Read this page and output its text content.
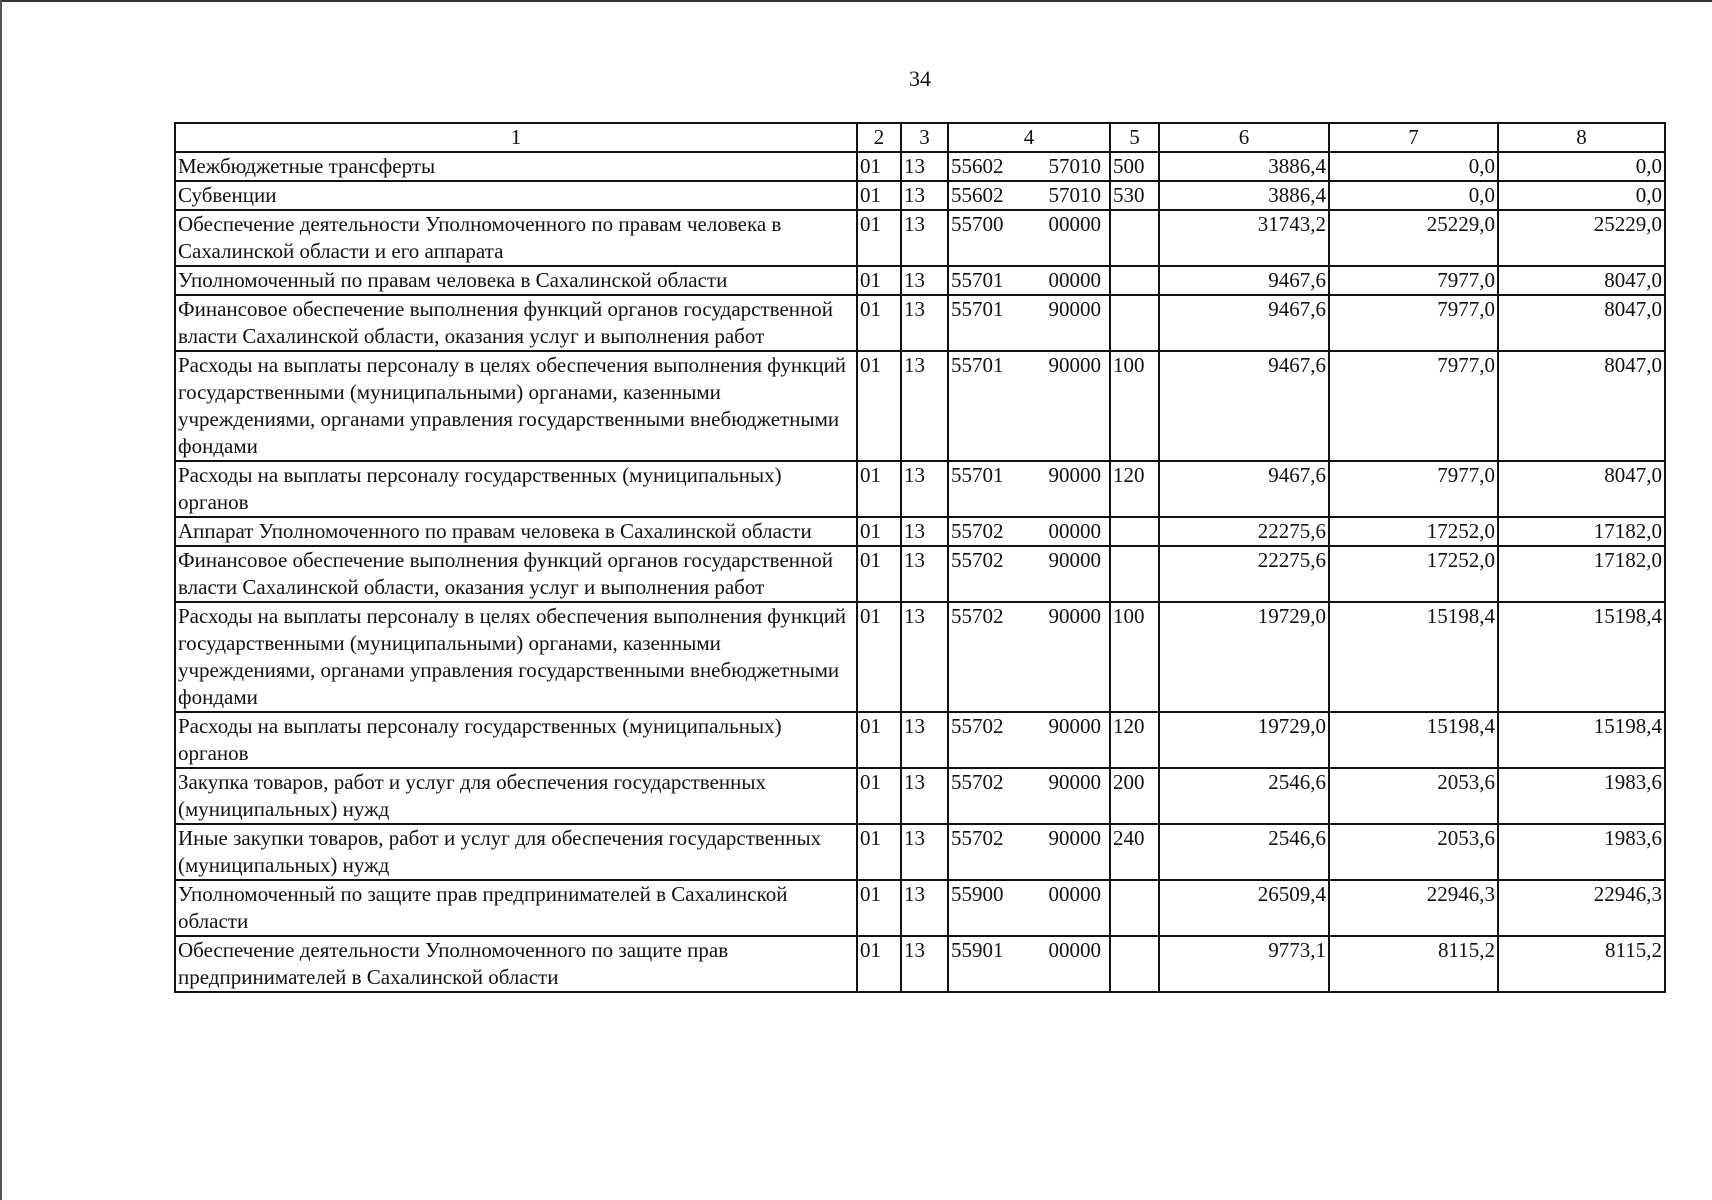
34
1	2	3	4	5	6	7	8
Межбюджетные трансферты	01	13	55602 57010	500	3886,4	0,0	0,0
Субвенции	01	13	55602 57010	530	3886,4	0,0	0,0
Обеспечение деятельности Уполномоченного по правам человека в Сахалинской области и его аппарата	01	13	55700 00000		31743,2	25229,0	25229,0
Уполномоченный по правам человека в Сахалинской области	01	13	55701 00000		9467,6	7977,0	8047,0
Финансовое обеспечение выполнения функций органов государственной власти Сахалинской области, оказания услуг и выполнения работ	01	13	55701 90000		9467,6	7977,0	8047,0
Расходы на выплаты персоналу в целях обеспечения выполнения функций государственными (муниципальными) органами, казенными учреждениями, органами управления государственными внебюджетными фондами	01	13	55701 90000	100	9467,6	7977,0	8047,0
Расходы на выплаты персоналу государственных (муниципальных) органов	01	13	55701 90000	120	9467,6	7977,0	8047,0
Аппарат Уполномоченного по правам человека в Сахалинской области	01	13	55702 00000		22275,6	17252,0	17182,0
Финансовое обеспечение выполнения функций органов государственной власти Сахалинской области, оказания услуг и выполнения работ	01	13	55702 90000		22275,6	17252,0	17182,0
Расходы на выплаты персоналу в целях обеспечения выполнения функций государственными (муниципальными) органами, казенными учреждениями, органами управления государственными внебюджетными фондами	01	13	55702 90000	100	19729,0	15198,4	15198,4
Расходы на выплаты персоналу государственных (муниципальных) органов	01	13	55702 90000	120	19729,0	15198,4	15198,4
Закупка товаров, работ и услуг для обеспечения государственных (муниципальных) нужд	01	13	55702 90000	200	2546,6	2053,6	1983,6
Иные закупки товаров, работ и услуг для обеспечения государственных (муниципальных) нужд	01	13	55702 90000	240	2546,6	2053,6	1983,6
Уполномоченный по защите прав предпринимателей в Сахалинской области	01	13	55900 00000		26509,4	22946,3	22946,3
Обеспечение деятельности Уполномоченного по защите прав предпринимателей в Сахалинской области	01	13	55901 00000		9773,1	8115,2	8115,2
